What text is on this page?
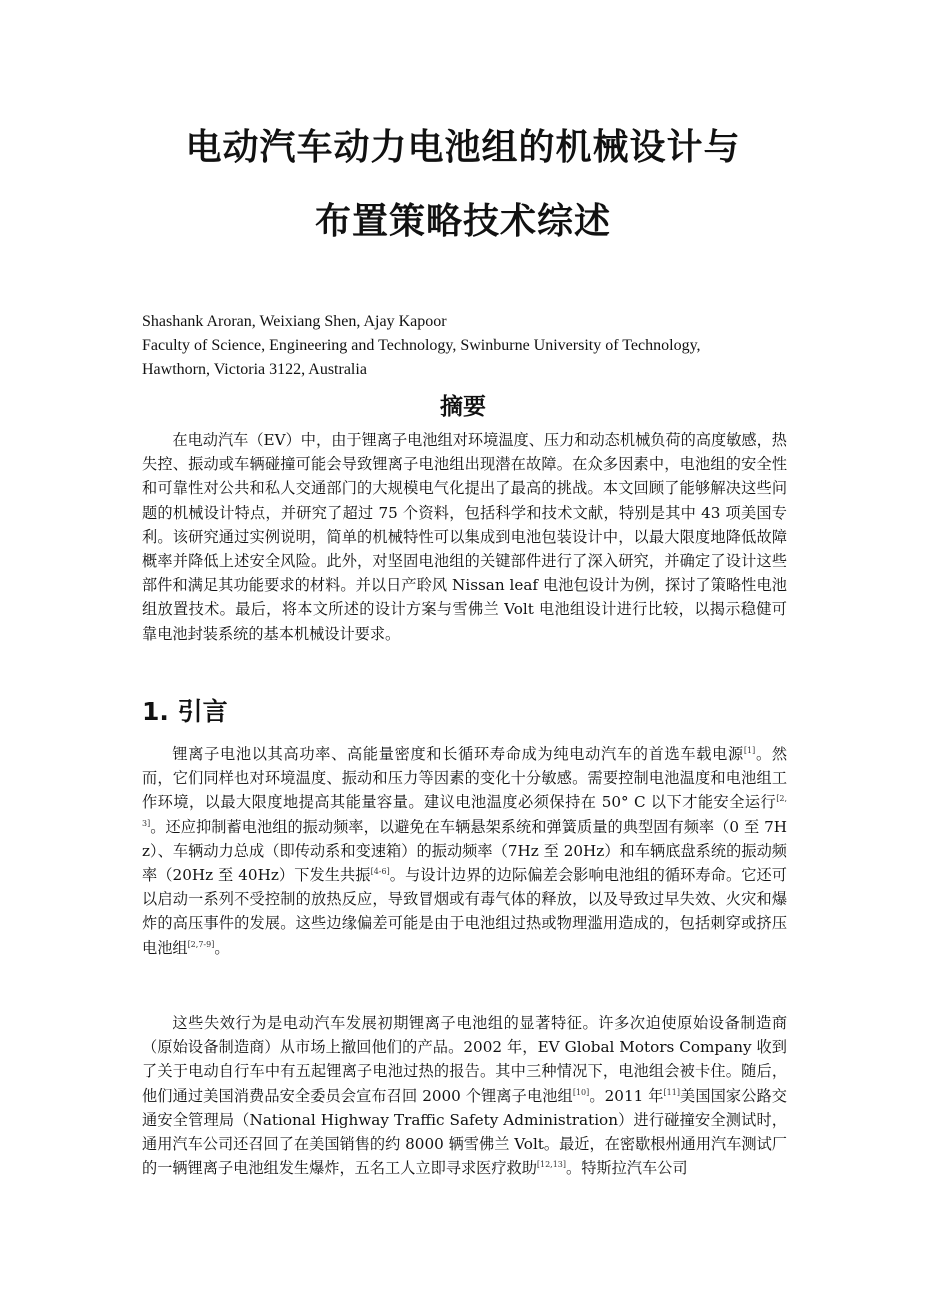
电动汽车动力电池组的机械设计与
布置策略技术综述
Shashank Aroran, Weixiang Shen, Ajay Kapoor
Faculty of Science, Engineering and Technology, Swinburne University of Technology,
Hawthorn, Victoria 3122, Australia
摘要

在电动汽车（EV）中，由于锂离子电池组对环境温度、压力和动态机械负荷的高度敏感，热失控、振动或车辆碰撞可能会导致锂离子电池组出现潜在故障。在众多因素中，电池组的安全性和可靠性对公共和私人交通部门的大规模电气化提出了最高的挑战。本文回顾了能够解决这些问题的机械设计特点，并研究了超过 75 个资料，包括科学和技术文献，特别是其中 43 项美国专利。该研究通过实例说明，简单的机械特性可以集成到电池包装设计中，以最大限度地降低故障概率并降低上述安全风险。此外，对坚固电池组的关键部件进行了深入研究，并确定了设计这些部件和满足其功能要求的材料。并以日产聆风 Nissan leaf 电池包设计为例，探讨了策略性电池组放置技术。最后，将本文所述的设计方案与雪佛兰 Volt 电池组设计进行比较，以揭示稳健可靠电池封装系统的基本机械设计要求。

1. 引言

锂离子电池以其高功率、高能量密度和长循环寿命成为纯电动汽车的首选车载电源[1]。然而，它们同样也对环境温度、振动和压力等因素的变化十分敏感。需要控制电池温度和电池组工作环境，以最大限度地提高其能量容量。建议电池温度必须保持在 50° C 以下才能安全运行[2,3]。还应抑制蓄电池组的振动频率，以避免在车辆悬架系统和弹簧质量的典型固有频率（0 至 7Hz）、车辆动力总成（即传动系和变速箱）的振动频率（7Hz 至 20Hz）和车辆底盘系统的振动频率（20Hz 至 40Hz）下发生共振[4-6]。与设计边界的边际偏差会影响电池组的循环寿命。它还可以启动一系列不受控制的放热反应，导致冒烟或有毒气体的释放，以及导致过早失效、火灾和爆炸的高压事件的发展。这些边缘偏差可能是由于电池组过热或物理滥用造成的，包括刺穿或挤压电池组[2,7-9]。

这些失效行为是电动汽车发展初期锂离子电池组的显著特征。许多次迫使原始设备制造商（原始设备制造商）从市场上撤回他们的产品。2002 年，EV Global Motors Company 收到了关于电动自行车中有五起锂离子电池过热的报告。其中三种情况下，电池组会被卡住。随后，他们通过美国消费品安全委员会宣布召回 2000 个锂离子电池组[10]。2011 年[11]美国国家公路交通安全管理局（National Highway Traffic Safety Administration）进行碰撞安全测试时，通用汽车公司还召回了在美国销售的约 8000 辆雪佛兰 Volt。最近，在密歇根州通用汽车测试厂的一辆锂离子电池组发生爆炸，五名工人立即寻求医疗救助[12,13]。特斯拉汽车公司
